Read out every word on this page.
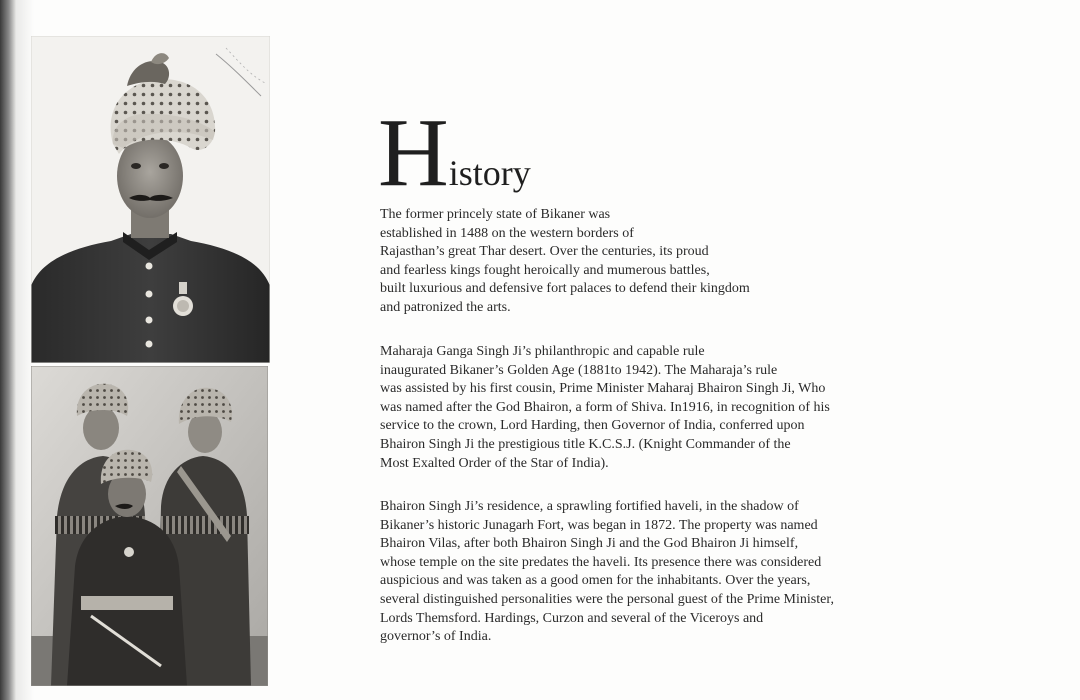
History
The former princely state of Bikaner was
established in 1488 on the western borders of
Rajasthan’s great Thar desert. Over the centuries, its proud
and fearless kings fought heroically and mumerous battles,
built luxurious and defensive fort palaces to defend their kingdom
and patronized the arts.
Maharaja Ganga Singh Ji’s philanthropic and capable rule
inaugurated Bikaner’s Golden Age (1881to 1942). The Maharaja’s rule
was assisted by his first cousin, Prime Minister Maharaj Bhairon Singh Ji, Who
was named after the God Bhairon, a form of Shiva. In1916, in recognition of his
service to the crown, Lord Harding, then Governor of India, conferred upon
Bhairon Singh Ji the prestigious title K.C.S.J. (Knight Commander of the
Most Exalted Order of the Star of India).
Bhairon Singh Ji’s residence, a sprawling fortified haveli, in the shadow of
Bikaner’s historic Junagarh Fort, was began in 1872. The property was named
Bhairon Vilas, after both Bhairon Singh Ji and the God Bhairon Ji himself,
whose temple on the site predates the haveli. Its presence there was considered
auspicious and was taken as a good omen for the inhabitants. Over the years,
several distinguished personalities were the personal guest of the Prime Minister,
Lords Themsford. Hardings, Curzon and several of the Viceroys and
governor’s of India.
